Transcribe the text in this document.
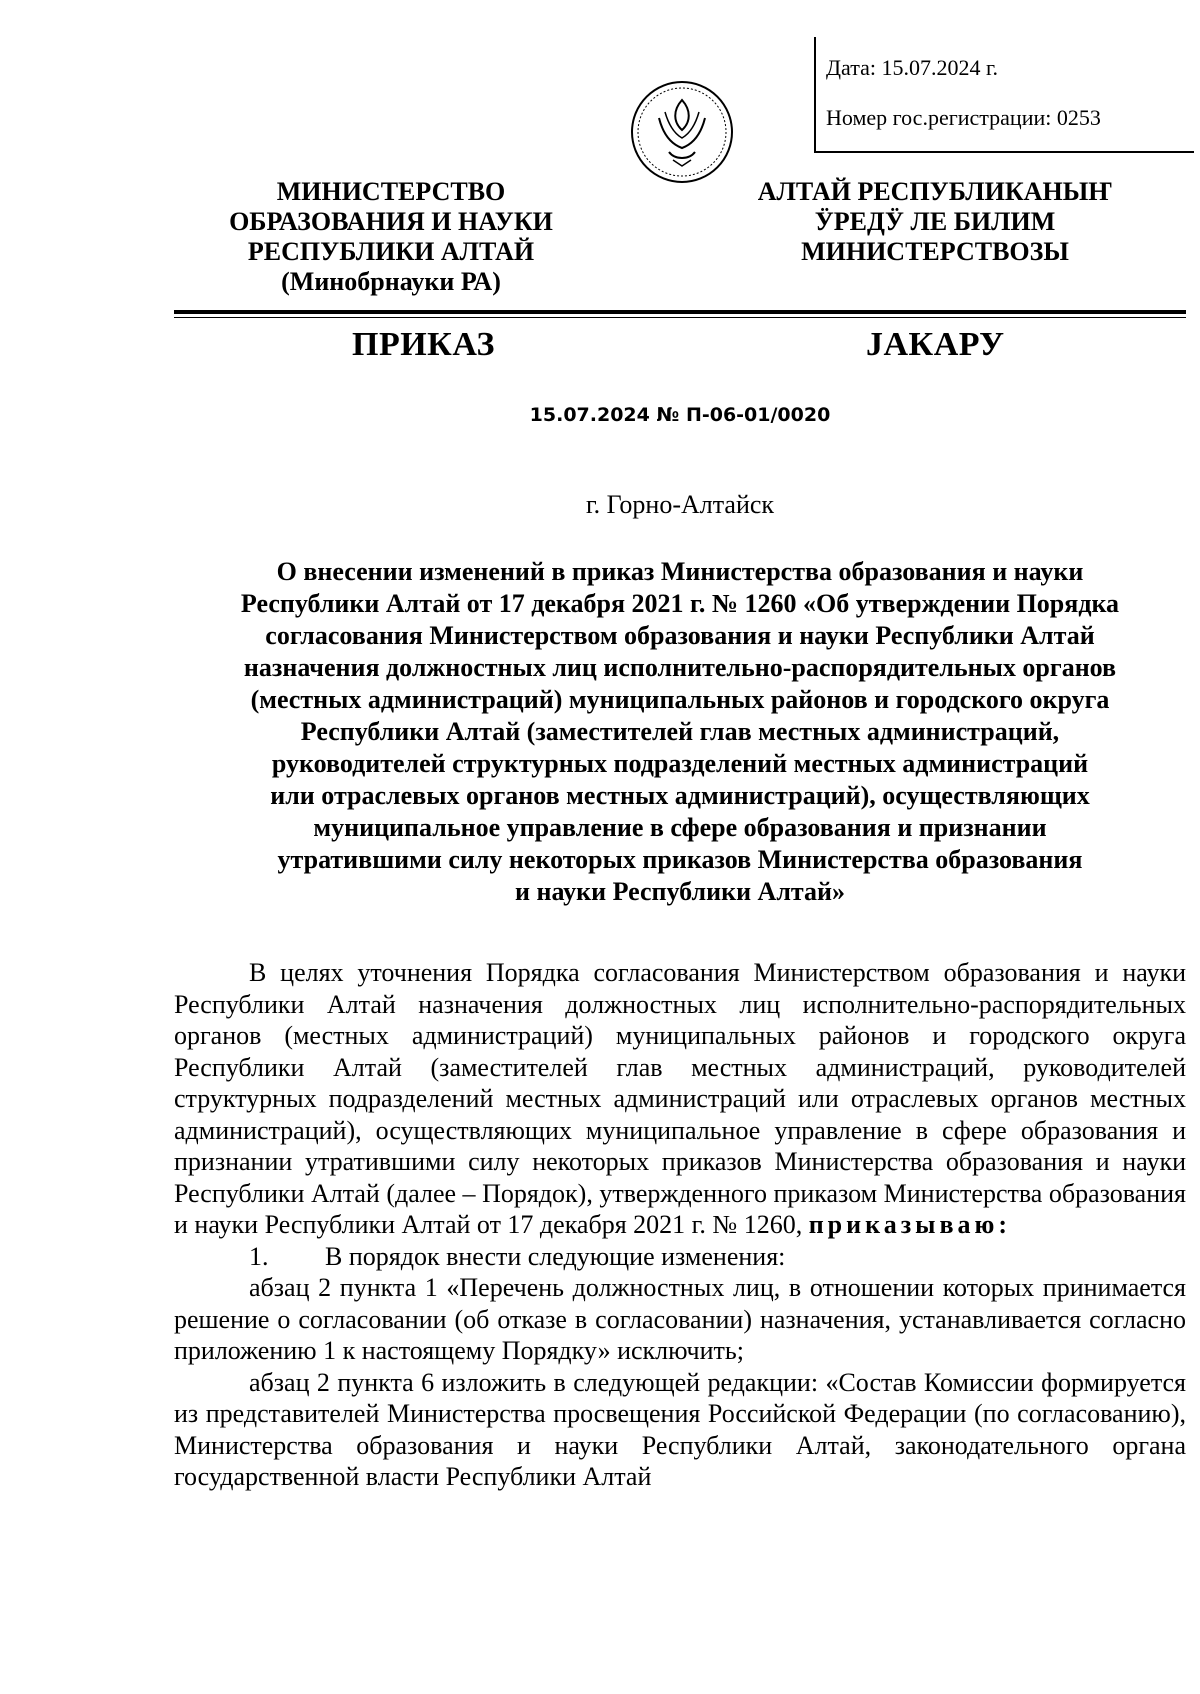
Дата: 15.07.2024 г.
Номер гос.регистрации: 0253
МИНИСТЕРСТВО
ОБРАЗОВАНИЯ И НАУКИ
РЕСПУБЛИКИ АЛТАЙ
(Минобрнауки РА)
АЛТАЙ РЕСПУБЛИКАНЫҤ
ӰРЕДӰ ЛЕ БИЛИМ
МИНИСТЕРСТВОЗЫ
ПРИКАЗ	JАКАРУ
15.07.2024 № П-06-01/0020
г. Горно-Алтайск
О внесении изменений в приказ Министерства образования и науки
Республики Алтай от 17 декабря 2021 г. № 1260 «Об утверждении Порядка
согласования Министерством образования и науки Республики Алтай
назначения должностных лиц исполнительно-распорядительных органов
(местных администраций) муниципальных районов и городского округа
Республики Алтай (заместителей глав местных администраций,
руководителей структурных подразделений местных администраций
или отраслевых органов местных администраций), осуществляющих
муниципальное управление в сфере образования и признании
утратившими силу некоторых приказов Министерства образования
и науки Республики Алтай»

В целях уточнения Порядка согласования Министерством образования и науки Республики Алтай назначения должностных лиц исполнительно-распорядительных органов (местных администраций) муниципальных районов и городского округа Республики Алтай (заместителей глав местных администраций, руководителей структурных подразделений местных администраций или отраслевых органов местных администраций), осуществляющих муниципальное управление в сфере образования и признании утратившими силу некоторых приказов Министерства образования и науки Республики Алтай (далее – Порядок), утвержденного приказом Министерства образования и науки Республики Алтай от 17 декабря 2021 г. № 1260, приказываю:

1. В порядок внести следующие изменения:

абзац 2 пункта 1 «Перечень должностных лиц, в отношении которых принимается решение о согласовании (об отказе в согласовании) назначения, устанавливается согласно приложению 1 к настоящему Порядку» исключить;

абзац 2 пункта 6 изложить в следующей редакции: «Состав Комиссии формируется из представителей Министерства просвещения Российской Федерации (по согласованию), Министерства образования и науки Республики Алтай, законодательного органа государственной власти Республики Алтай
